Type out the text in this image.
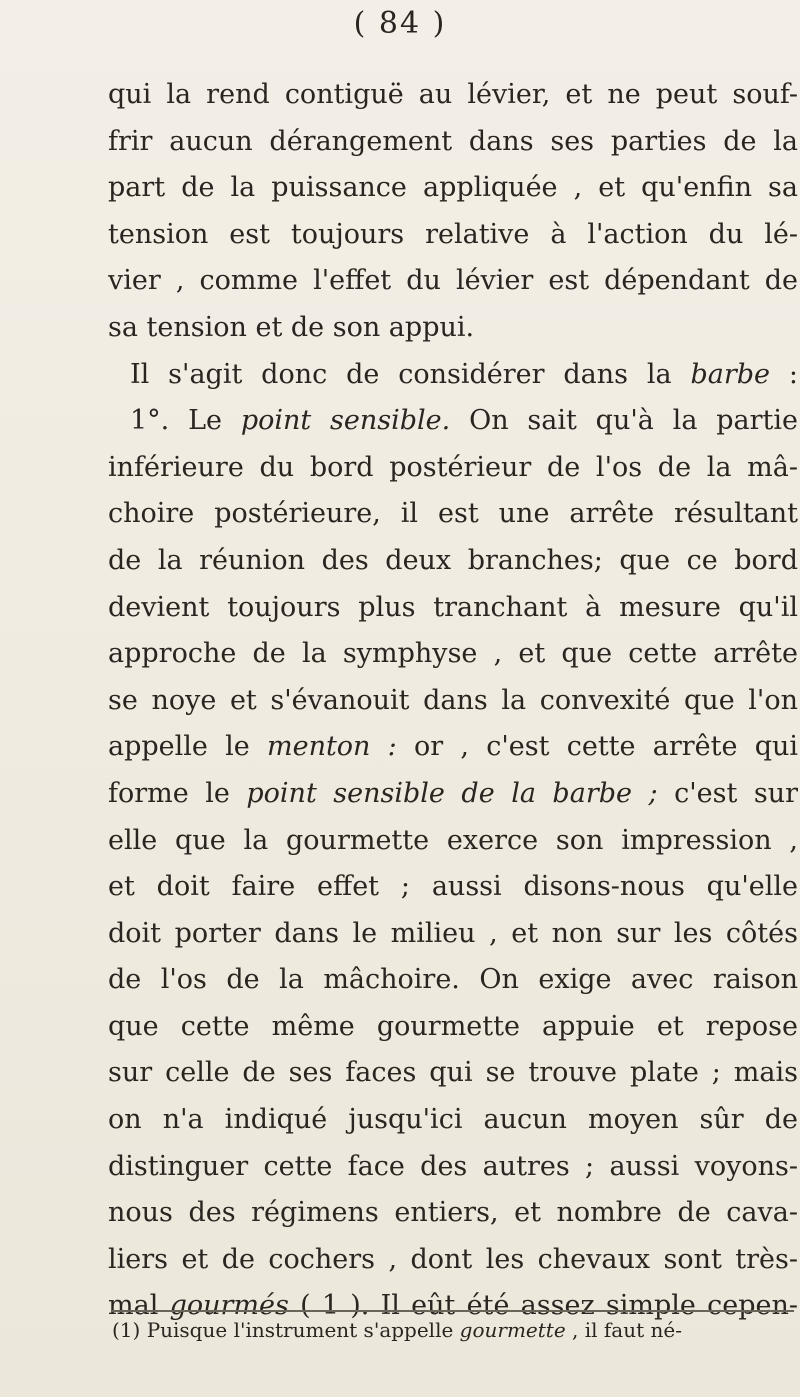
( 84 )
qui la rend contiguë au lévier, et ne peut souf-
frir aucun dérangement dans ses parties de la
part de la puissance appliquée , et qu'enfin sa
tension est toujours relative à l'action du lé-
vier , comme l'effet du lévier est dépendant de
sa tension et de son appui.
Il s'agit donc de considérer dans la barbe :
1°. Le point sensible. On sait qu'à la partie
inférieure du bord postérieur de l'os de la mâ-
choire postérieure, il est une arrête résultant
de la réunion des deux branches; que ce bord
devient toujours plus tranchant à mesure qu'il
approche de la symphyse , et que cette arrête
se noye et s'évanouit dans la convexité que l'on
appelle le menton : or , c'est cette arrête qui
forme le point sensible de la barbe ; c'est sur
elle que la gourmette exerce son impression ,
et doit faire effet ; aussi disons-nous qu'elle
doit porter dans le milieu , et non sur les côtés
de l'os de la mâchoire. On exige avec raison
que cette même gourmette appuie et repose
sur celle de ses faces qui se trouve plate ; mais
on n'a indiqué jusqu'ici aucun moyen sûr de
distinguer cette face des autres ; aussi voyons-
nous des régimens entiers, et nombre de cava-
liers et de cochers , dont les chevaux sont très-
mal gourmés ( 1 ). Il eût été assez simple cepen-
(1) Puisque l'instrument s'appelle gourmette , il faut né-
